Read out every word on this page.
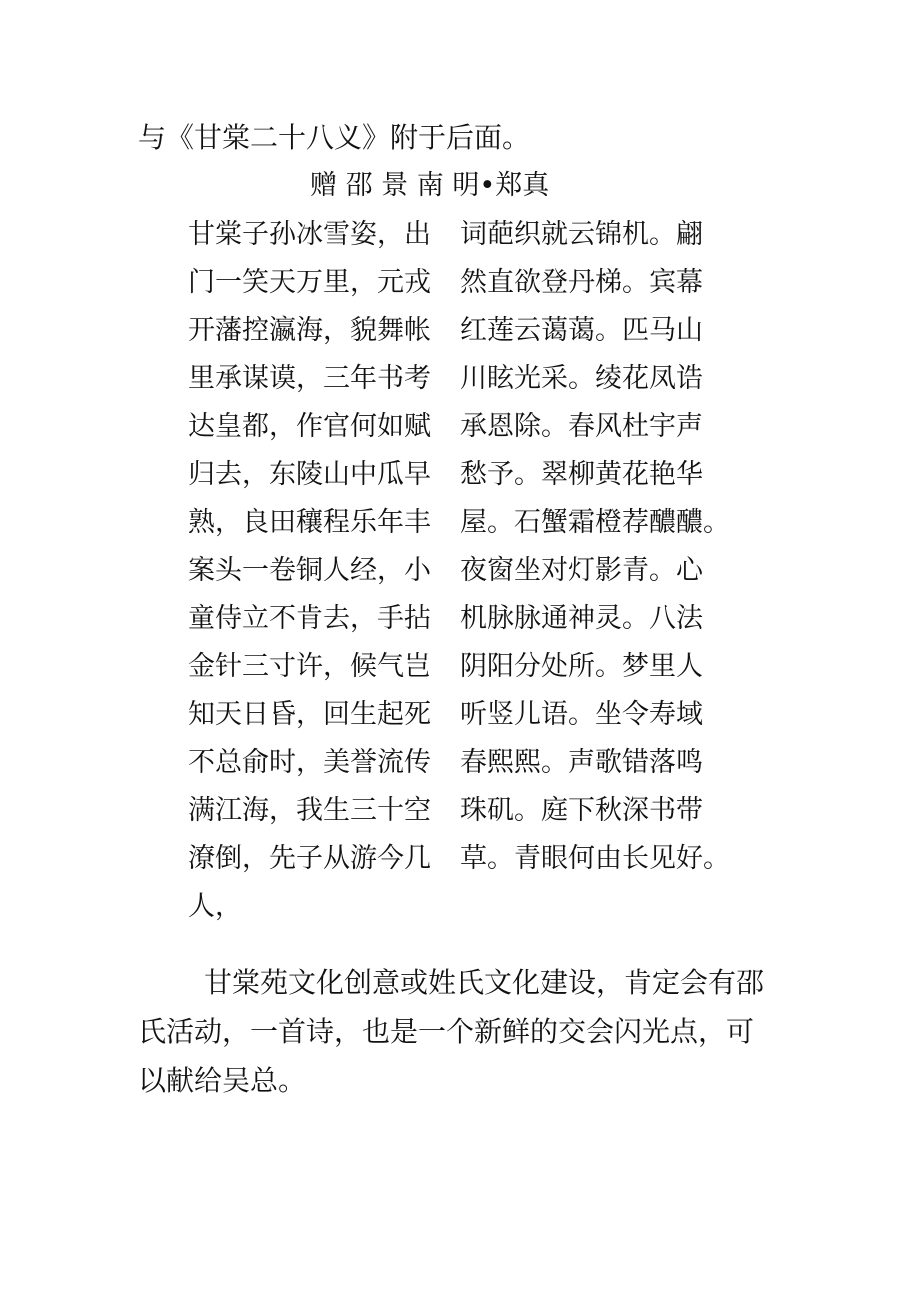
与《甘棠二十八义》附于后面。
赠 邵 景 南 明•郑真
甘棠子孙冰雪姿，出
门一笑天万里，元戎
开藩控瀛海，貌舞帐
里承谋谟，三年书考
达皇都，作官何如赋
归去，东陵山中瓜早
熟，良田穰程乐年丰
案头一卷铜人经，小
童侍立不肯去，手拈
金针三寸许，候气岂
知天日昏，回生起死
不总俞时，美誉流传
满江海，我生三十空
潦倒，先子从游今几
人，
词葩织就云锦机。翩
然直欲登丹梯。宾幕
红莲云蔼蔼。匹马山
川眩光采。绫花凤诰
承恩除。春风杜宇声
愁予。翠柳黄花艳华
屋。石蟹霜橙荐醲醲。
夜窗坐对灯影青。心
机脉脉通神灵。八法
阴阳分处所。梦里人
听竖儿语。坐令寿域
春熙熙。声歌错落鸣
珠矶。庭下秋深书带
草。青眼何由长见好。

甘棠苑文化创意或姓氏文化建设，肯定会有邵

氏活动，一首诗，也是一个新鲜的交会闪光点，可

以献给吴总。
